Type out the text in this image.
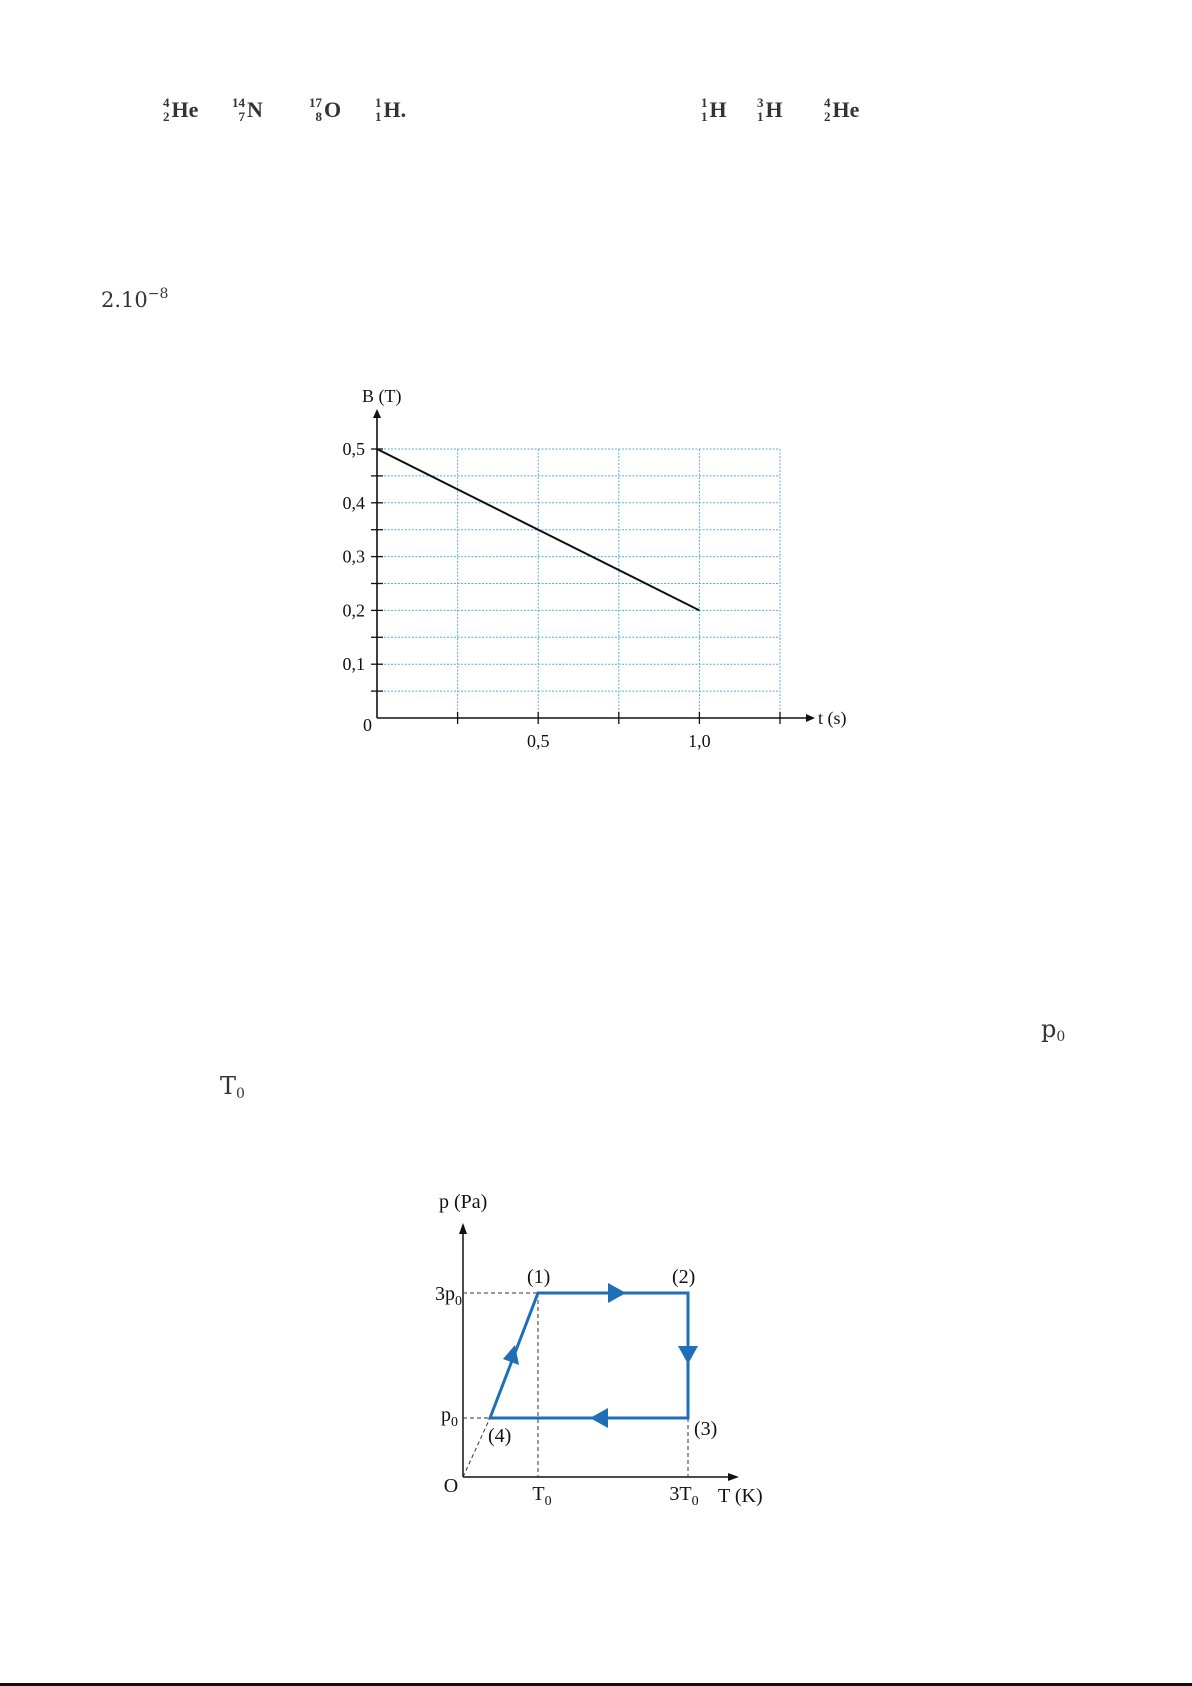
4
2 He	14
7 N	17
8 O	1
1 H.	1
1 H 3
1 H	4
2 He
$2.10^{-8}$
0,1
0,2
0,3
0,4
0,5
0,5	1,0
0
B (T)
t (s)
$p_0$
$T_0$
(1)	(2)
(3)
(4)
$3p_0$
$p_0$
$T_0$	$3T_0$
O
p (Pa)
T (K)
